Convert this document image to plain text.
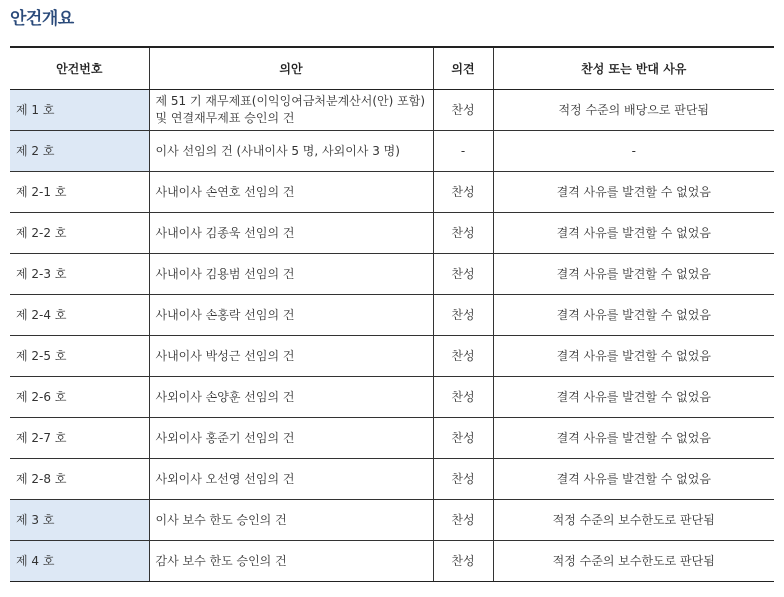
안건개요
안건번호	의안	의견	찬성 또는 반대 사유
제 1 호	제 51 기 재무제표(이익잉여금처분계산서(안) 포함) 및 연결재무제표 승인의 건	찬성	적정 수준의 배당으로 판단됨
제 2 호	이사 선임의 건 (사내이사 5 명, 사외이사 3 명)	-	-
제 2-1 호	사내이사 손연호 선임의 건	찬성	결격 사유를 발견할 수 없었음
제 2-2 호	사내이사 김종욱 선임의 건	찬성	결격 사유를 발견할 수 없었음
제 2-3 호	사내이사 김용범 선임의 건	찬성	결격 사유를 발견할 수 없었음
제 2-4 호	사내이사 손홍락 선임의 건	찬성	결격 사유를 발견할 수 없었음
제 2-5 호	사내이사 박성근 선임의 건	찬성	결격 사유를 발견할 수 없었음
제 2-6 호	사외이사 손양훈 선임의 건	찬성	결격 사유를 발견할 수 없었음
제 2-7 호	사외이사 홍준기 선임의 건	찬성	결격 사유를 발견할 수 없었음
제 2-8 호	사외이사 오선영 선임의 건	찬성	결격 사유를 발견할 수 없었음
제 3 호	이사 보수 한도 승인의 건	찬성	적정 수준의 보수한도로 판단됨
제 4 호	감사 보수 한도 승인의 건	찬성	적정 수준의 보수한도로 판단됨
